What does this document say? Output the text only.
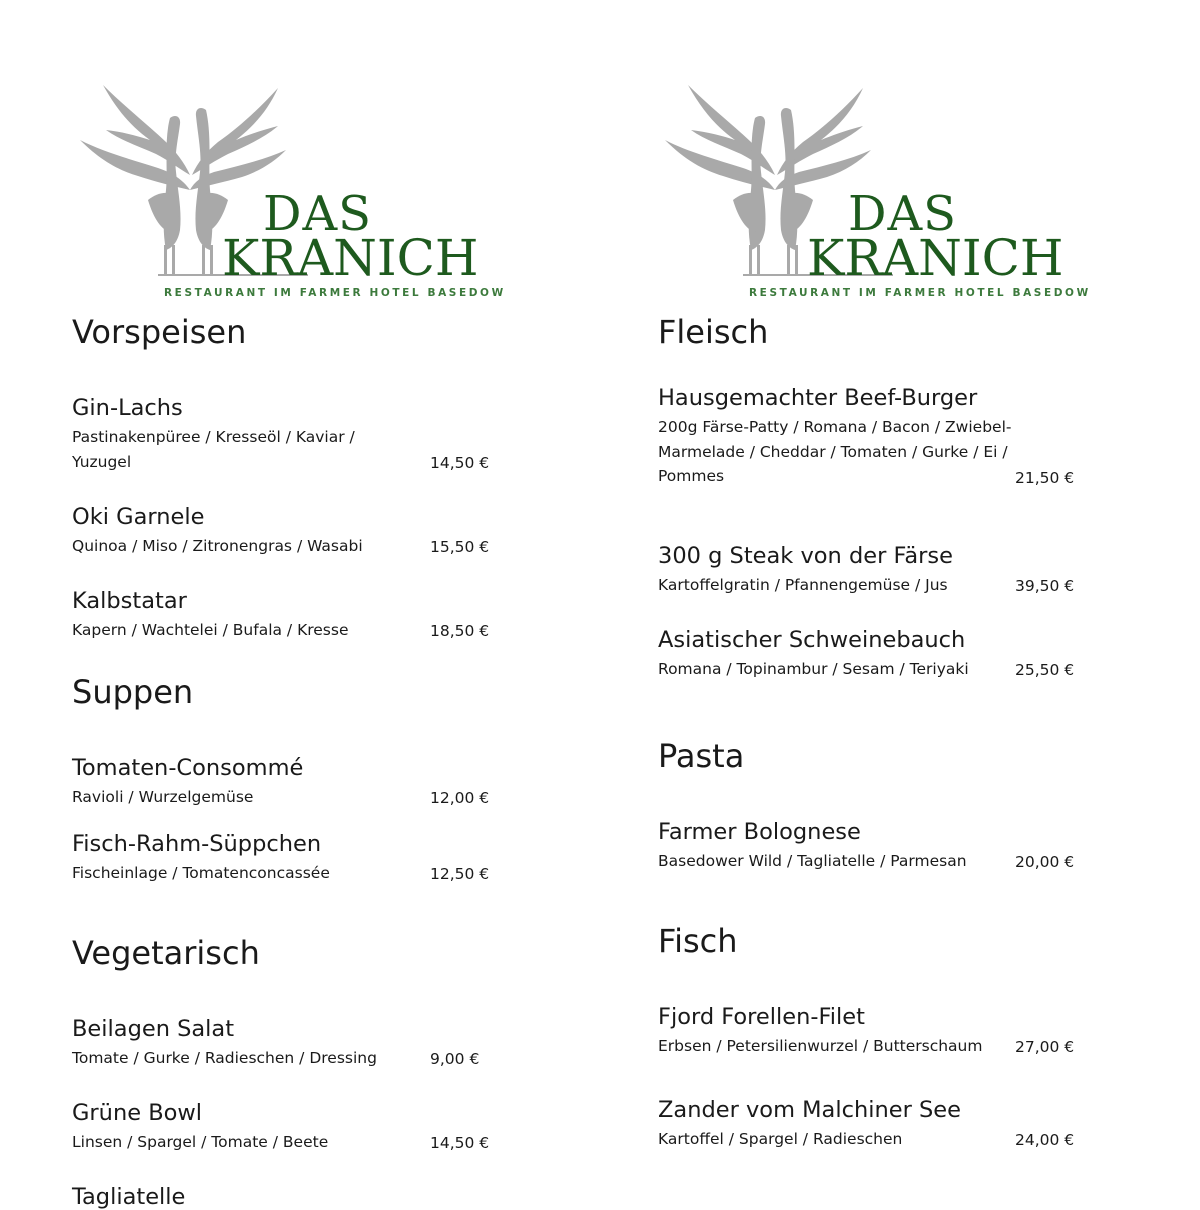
DAS
KRANICH
RESTAURANT IM FARMER HOTEL BASEDOW
Vorspeisen
Gin-Lachs
Pastinakenpüree / Kresseöl / Kaviar / Yuzugel	14,50 €
Oki Garnele
Quinoa / Miso / Zitronengras / Wasabi	15,50 €
Kalbstatar
Kapern / Wachtelei / Bufala / Kresse	18,50 €
Suppen
Tomaten-Consommé
Ravioli / Wurzelgemüse	12,00 €
Fisch-Rahm-Süppchen
Fischeinlage / Tomatenconcassée	12,50 €
Vegetarisch
Beilagen Salat
Tomate / Gurke / Radieschen / Dressing	9,00 €
Grüne Bowl
Linsen / Spargel / Tomate / Beete	14,50 €
Tagliatelle
DAS
KRANICH
RESTAURANT IM FARMER HOTEL BASEDOW
Fleisch
Hausgemachter Beef-Burger
200g Färse-Patty / Romana / Bacon / Zwiebel-Marmelade / Cheddar / Tomaten / Gurke / Ei / Pommes	21,50 €
300 g Steak von der Färse
Kartoffelgratin / Pfannengemüse / Jus	39,50 €
Asiatischer Schweinebauch
Romana / Topinambur / Sesam / Teriyaki	25,50 €
Pasta
Farmer Bolognese
Basedower Wild / Tagliatelle / Parmesan	20,00 €
Fisch
Fjord Forellen-Filet
Erbsen / Petersilienwurzel / Butterschaum	27,00 €
Zander vom Malchiner See
Kartoffel / Spargel / Radieschen	24,00 €
